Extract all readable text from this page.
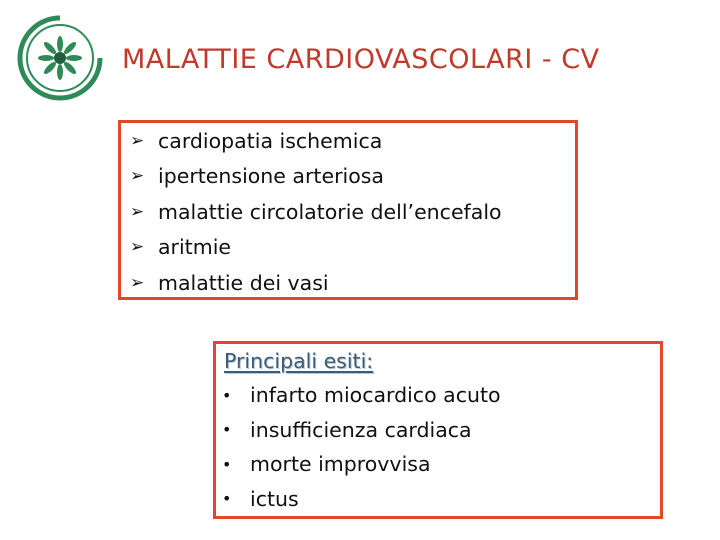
MALATTIE CARDIOVASCOLARI - CV
➢ cardiopatia ischemica
➢ ipertensione arteriosa
➢ malattie circolatorie dell’encefalo
➢ aritmie
➢ malattie dei vasi
Principali esiti:
• infarto miocardico acuto
• insufficienza cardiaca
• morte improvvisa
• ictus
